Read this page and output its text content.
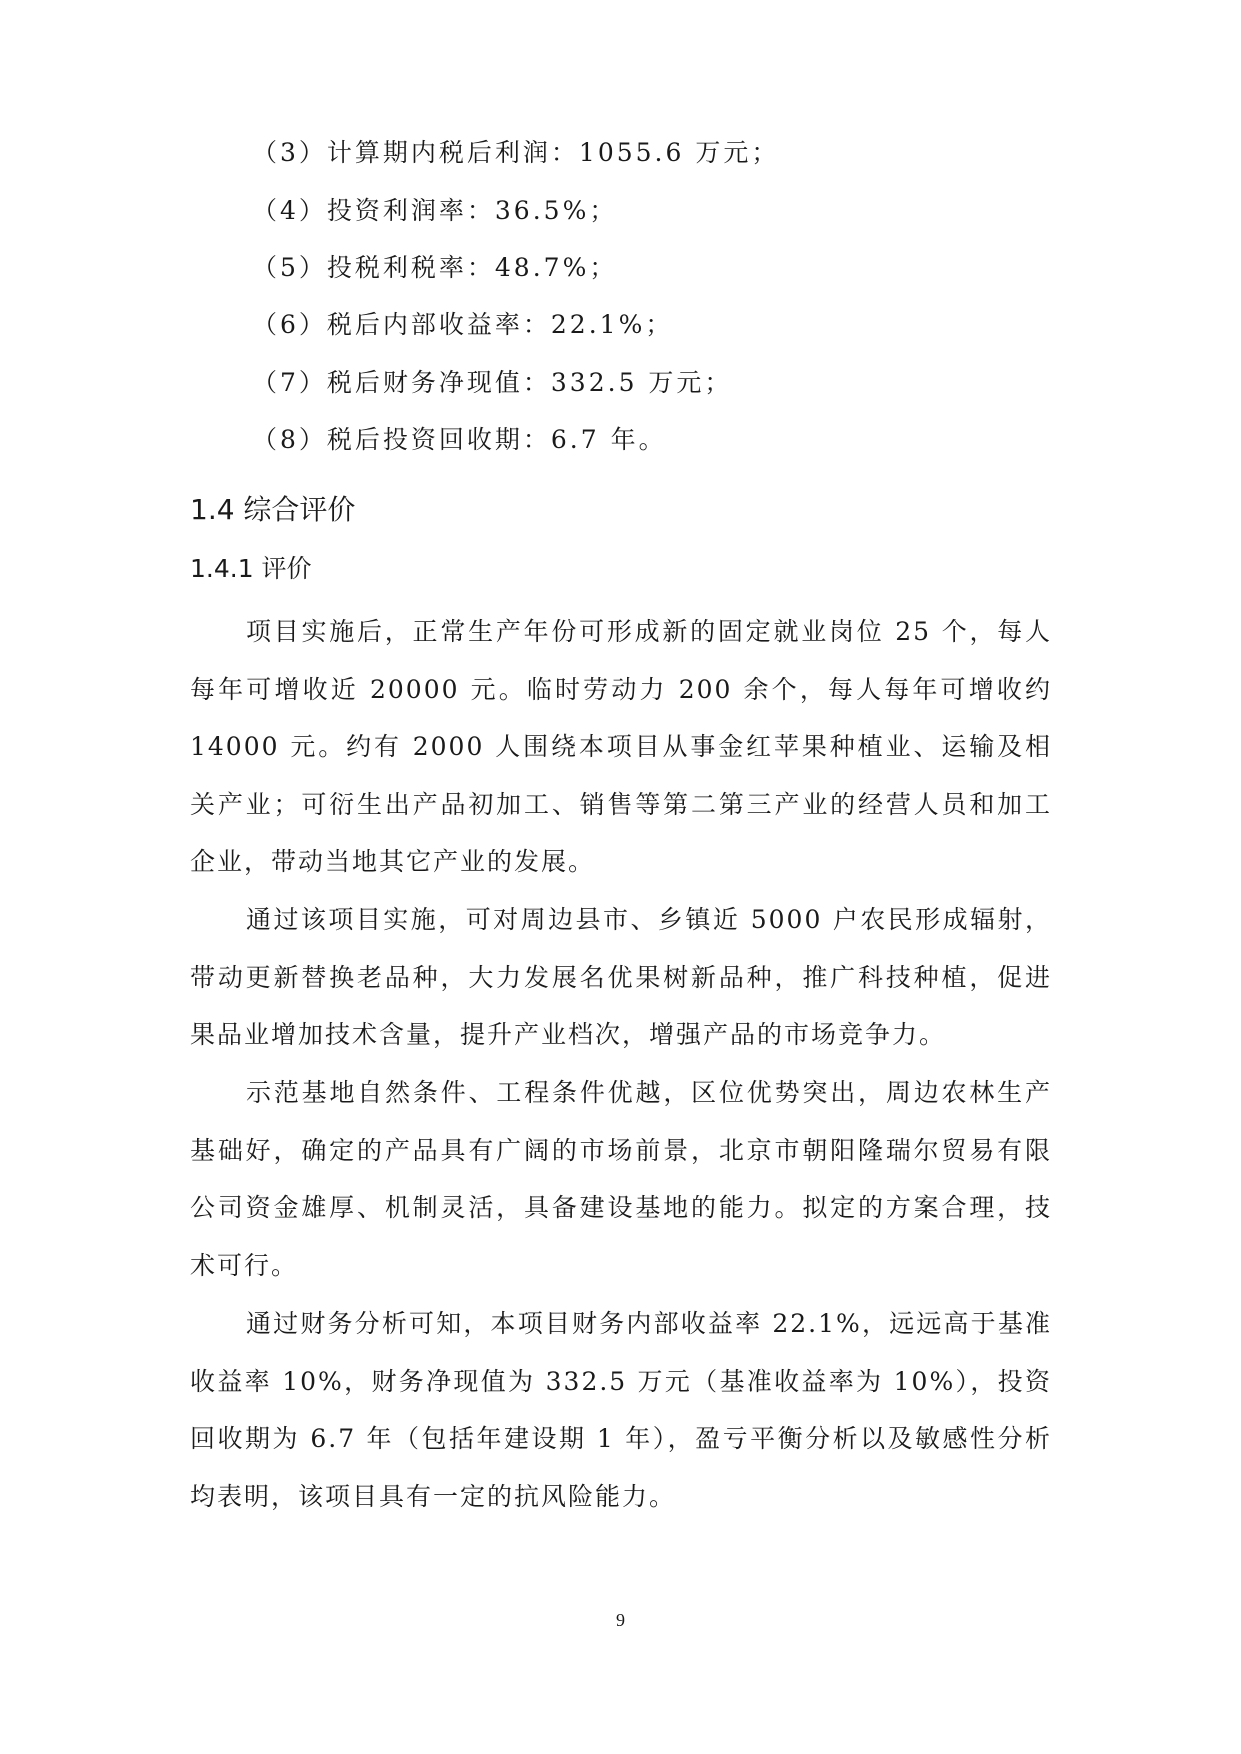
（3）计算期内税后利润：1055.6 万元；
（4）投资利润率：36.5%；
（5）投税利税率：48.7%；
（6）税后内部收益率：22.1%；
（7）税后财务净现值：332.5 万元；
（8）税后投资回收期：6.7 年。
1.4 综合评价
1.4.1 评价

项目实施后，正常生产年份可形成新的固定就业岗位 25 个，每人每年可增收近 20000 元。临时劳动力 200 余个，每人每年可增收约 14000 元。约有 2000 人围绕本项目从事金红苹果种植业、运输及相关产业；可衍生出产品初加工、销售等第二第三产业的经营人员和加工企业，带动当地其它产业的发展。

通过该项目实施，可对周边县市、乡镇近 5000 户农民形成辐射，带动更新替换老品种，大力发展名优果树新品种，推广科技种植，促进果品业增加技术含量，提升产业档次，增强产品的市场竞争力。

示范基地自然条件、工程条件优越，区位优势突出，周边农林生产基础好，确定的产品具有广阔的市场前景，北京市朝阳隆瑞尔贸易有限公司资金雄厚、机制灵活，具备建设基地的能力。拟定的方案合理，技术可行。

通过财务分析可知，本项目财务内部收益率 22.1%，远远高于基准收益率 10%，财务净现值为 332.5 万元（基准收益率为 10%），投资回收期为 6.7 年（包括年建设期 1 年），盈亏平衡分析以及敏感性分析均表明，该项目具有一定的抗风险能力。

9
